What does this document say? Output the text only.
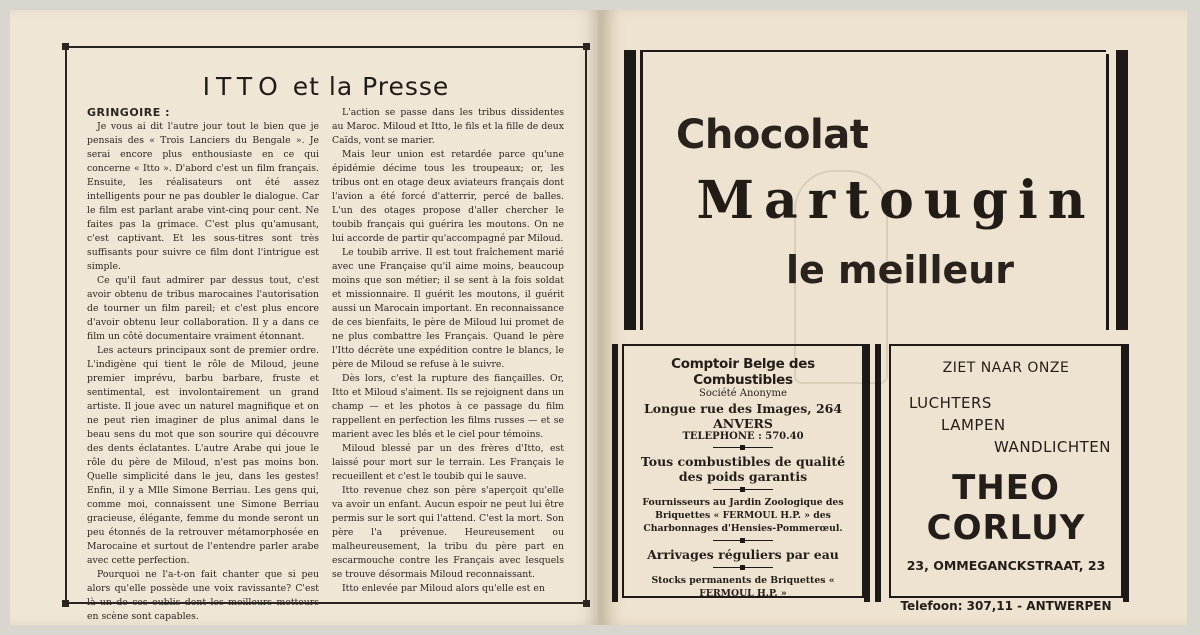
ITTO et la Presse

GRINGOIRE :

Je vous ai dit l'autre jour tout le bien que je pensais des « Trois Lanciers du Bengale ». Je serai encore plus enthousiaste en ce qui concerne « Itto ». D'abord c'est un film français. Ensuite, les réalisateurs ont été assez intelligents pour ne pas doubler le dialogue. Car le film est parlant arabe vint-cinq pour cent. Ne faites pas la grimace. C'est plus qu'amusant, c'est captivant. Et les sous-titres sont très suffisants pour suivre ce film dont l'intrigue est simple.

Ce qu'il faut admirer par dessus tout, c'est avoir obtenu de tribus marocaines l'autorisation de tourner un film pareil; et c'est plus encore d'avoir obtenu leur collaboration. Il y a dans ce film un côté documentaire vraiment étonnant.

Les acteurs principaux sont de premier ordre. L'indigène qui tient le rôle de Miloud, jeune premier imprévu, barbu barbare, fruste et sentimental, est involontairement un grand artiste. Il joue avec un naturel magnifique et on ne peut rien imaginer de plus animal dans le beau sens du mot que son sourire qui découvre des dents éclatantes. L'autre Arabe qui joue le rôle du père de Miloud, n'est pas moins bon. Quelle simplicité dans le jeu, dans les gestes! Enfin, il y a Mlle Simone Berriau. Les gens qui, comme moi, connaissent une Simone Berriau gracieuse, élégante, femme du monde seront un peu étonnés de la retrouver métamorphosée en Marocaine et surtout de l'entendre parler arabe avec cette perfection.

Pourquoi ne l'a-t-on fait chanter que si peu alors qu'elle possède une voix ravissante? C'est là un de ces oublis dont les meilleurs metteurs en scène sont capables.

L'action se passe dans les tribus dissidentes au Maroc. Miloud et Itto, le fils et la fille de deux Caïds, vont se marier.

Mais leur union est retardée parce qu'une épidémie décime tous les troupeaux; or, les tribus ont en otage deux aviateurs français dont l'avion a été forcé d'atterrir, percé de balles. L'un des otages propose d'aller chercher le toubib français qui guérira les moutons. On ne lui accorde de partir qu'accompagné par Miloud.

Le toubib arrive. Il est tout fraîchement marié avec une Française qu'il aime moins, beaucoup moins que son métier; il se sent à la fois soldat et missionnaire. Il guérit les moutons, il guérit aussi un Marocain important. En reconnaissance de ces bienfaits, le père de Miloud lui promet de ne plus combattre les Français. Quand le père l'Itto décrète une expédition contre le blancs, le père de Miloud se refuse à le suivre.

Dès lors, c'est la rupture des fiançailles. Or, Itto et Miloud s'aiment. Ils se rejoignent dans un champ — et les photos à ce passage du film rappellent en perfection les films russes — et se marient avec les blés et le ciel pour témoins.

Miloud blessé par un des frères d'Itto, est laissé pour mort sur le terrain. Les Français le recueillent et c'est le toubib qui le sauve.

Itto revenue chez son père s'aperçoit qu'elle va avoir un enfant. Aucun espoir ne peut lui être permis sur le sort qui l'attend. C'est la mort. Son père l'a prévenue. Heureusement ou malheureusement, la tribu du père part en escarmouche contre les Français avec lesquels se trouve désormais Miloud reconnaissant.

Itto enlevée par Miloud alors qu'elle est en

Chocolat
Martougin
le meilleur
Comptoir Belge des Combustibles
Société Anonyme
Longue rue des Images, 264
ANVERS
TELEPHONE : 570.40
Tous combustibles de qualité des poids garantis
Fournisseurs au Jardin Zoologique des Briquettes « FERMOUL H.P. » des Charbonnages d'Hensies-Pommerœul.
Arrivages réguliers par eau
Stocks permanents de Briquettes « FERMOUL H.P. »
ZIET NAAR ONZE
LUCHTERS
LAMPEN
WANDLICHTEN
THEO CORLUY
23, OMMEGANCKSTRAAT, 23
Telefoon: 307,11 - ANTWERPEN
